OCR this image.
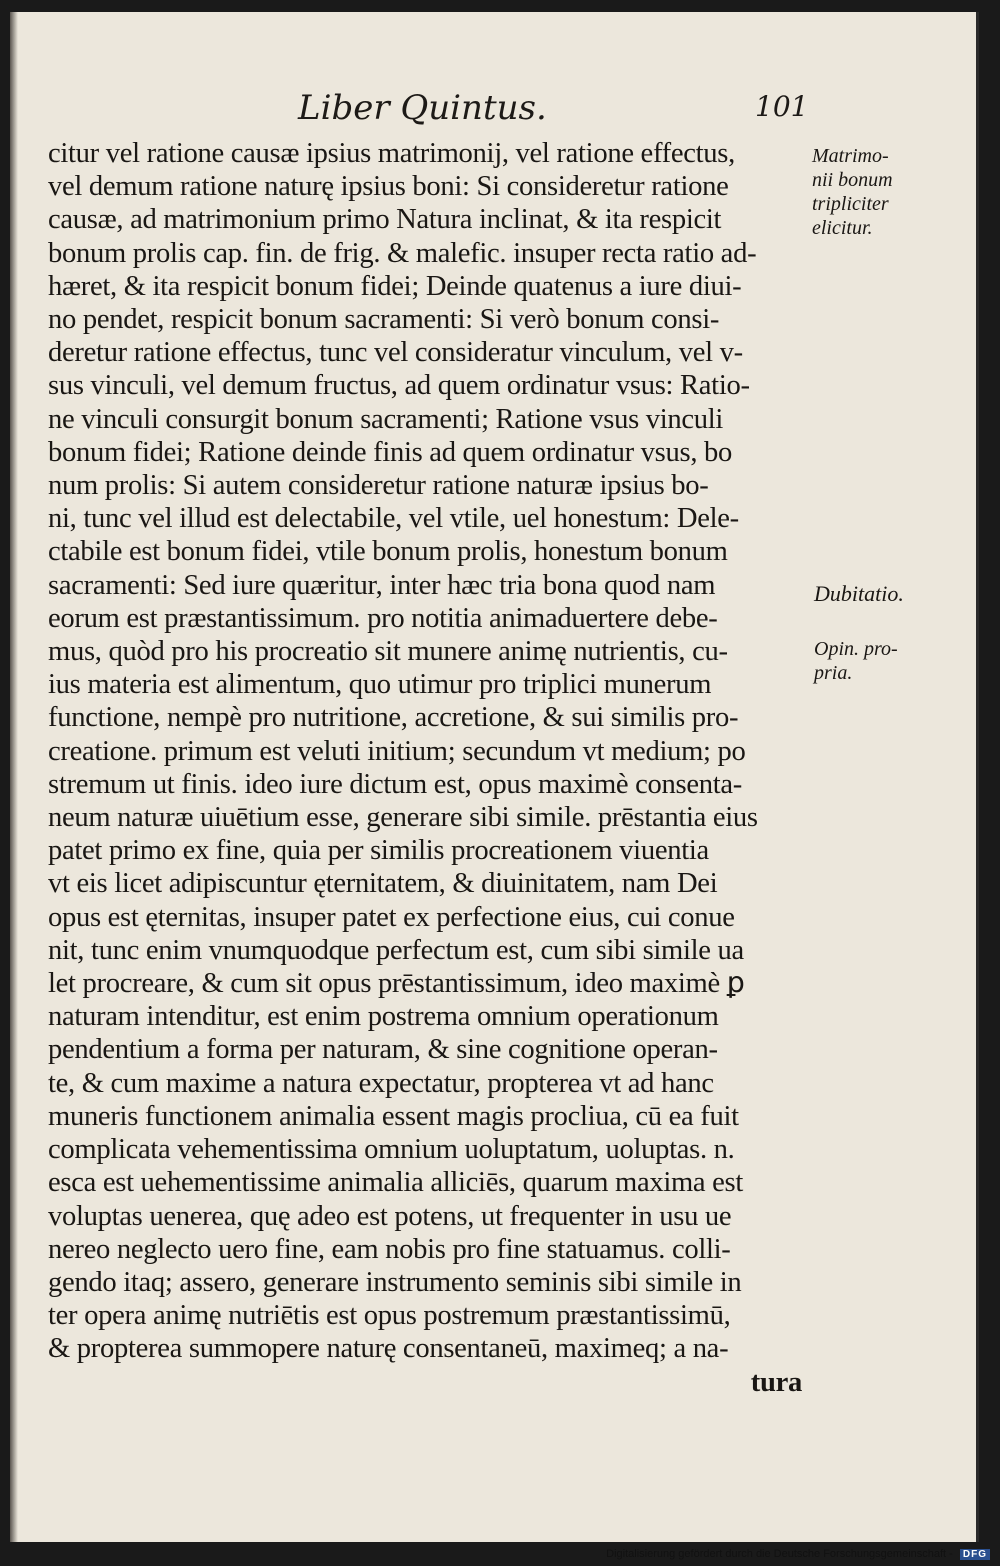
Liber Quintus.	101
citur vel ratione causæ ipsius matrimonij, vel ratione effectus,
vel demum ratione naturę ipsius boni: Si consideretur ratione
causæ, ad matrimonium primo Natura inclinat, & ita respicit
bonum prolis cap. fin. de frig. & malefic. insuper recta ratio ad-
hæret, & ita respicit bonum fidei; Deinde quatenus a iure diui-
no pendet, respicit bonum sacramenti: Si verò bonum consi-
deretur ratione effectus, tunc vel consideratur vinculum, vel v-
sus vinculi, vel demum fructus, ad quem ordinatur vsus: Ratio-
ne vinculi consurgit bonum sacramenti; Ratione vsus vinculi
bonum fidei; Ratione deinde finis ad quem ordinatur vsus, bo
num prolis: Si autem consideretur ratione naturæ ipsius bo-
ni, tunc vel illud est delectabile, vel vtile, uel honestum: Dele-
ctabile est bonum fidei, vtile bonum prolis, honestum bonum
sacramenti: Sed iure quæritur, inter hæc tria bona quod nam
eorum est præstantissimum. pro notitia animaduertere debe-
mus, quòd pro his procreatio sit munere animę nutrientis, cu-
ius materia est alimentum, quo utimur pro triplici munerum
functione, nempè pro nutritione, accretione, & sui similis pro-
creatione. primum est veluti initium; secundum vt medium; po
stremum ut finis. ideo iure dictum est, opus maximè consenta-
neum naturæ uiuētium esse, generare sibi simile. prēstantia eius
patet primo ex fine, quia per similis procreationem viuentia
vt eis licet adipiscuntur ęternitatem, & diuinitatem, nam Dei
opus est ęternitas, insuper patet ex perfectione eius, cui conue
nit, tunc enim vnumquodque perfectum est, cum sibi simile ua
let procreare, & cum sit opus prēstantissimum, ideo maximè ꝑ
naturam intenditur, est enim postrema omnium operationum
pendentium a forma per naturam, & sine cognitione operan-
te, & cum maxime a natura expectatur, propterea vt ad hanc
muneris functionem animalia essent magis procliua, cū ea fuit
complicata vehementissima omnium uoluptatum, uoluptas. n.
esca est uehementissime animalia alliciēs, quarum maxima est
voluptas uenerea, quę adeo est potens, ut frequenter in usu ue
nereo neglecto uero fine, eam nobis pro fine statuamus. colli-
gendo itaq; assero, generare instrumento seminis sibi simile in
ter opera animę nutriētis est opus postremum præstantissimū,
& propterea summopere naturę consentaneū, maximeq; a na-
tura
Matrimo-
nii bonum
tripliciter
elicitur.
Dubitatio.
Opin. pro-
pria.
Digitalisierung gefördert durch die Deutsche Forschungsgemeinschaft - DFG
